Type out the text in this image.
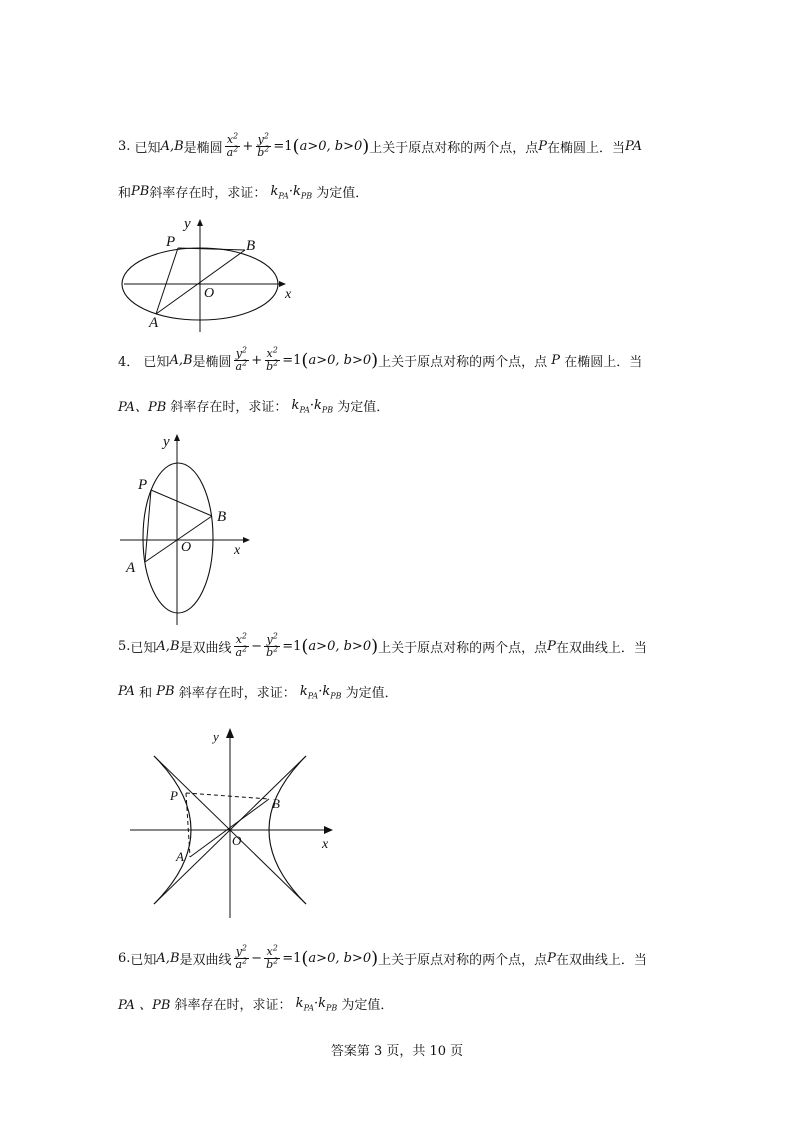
3.
已知 A,B 是椭圆 $\frac{x^2}{a^2} + \frac{y^2}{b^2} =1$ ( a>0, b>0 ) 上关于原点对称的两个点，点 P 在椭圆上．当 PA
和 PB 斜率存在时，求证：
$k_{PA}\cdot k_{PB}$
为定值．
y
x
O
P	B
A
4．
已知 A,B 是椭圆 $\frac{y^2}{a^2} + \frac{x^2}{b^2} =1$ ( a>0, b>0 ) 上关于原点对称的两个点，点
P
在椭圆上．当
PA、PB
斜率存在时，求证：
$k_{PA}\cdot k_{PB}$
为定值．
y
x
O
P
B
A
5. 已知 A,B 是双曲线 $\frac{x^2}{a^2} - \frac{y^2}{b^2} =1$ ( a>0, b>0 ) 上关于原点对称的两个点，点 P 在双曲线上．当
PA
和
PB
斜率存在时，求证：
$k_{PA}\cdot k_{PB}$
为定值．
y
x
O
P
B
A
6. 已知 A,B 是双曲线 $\frac{y^2}{a^2} - \frac{x^2}{b^2} =1$ ( a>0, b>0 ) 上关于原点对称的两个点，点 P 在双曲线上．当
PA 、PB
斜率存在时，求证：
$k_{PA}\cdot k_{PB}$
为定值．
答案第 3 页，共 10 页
